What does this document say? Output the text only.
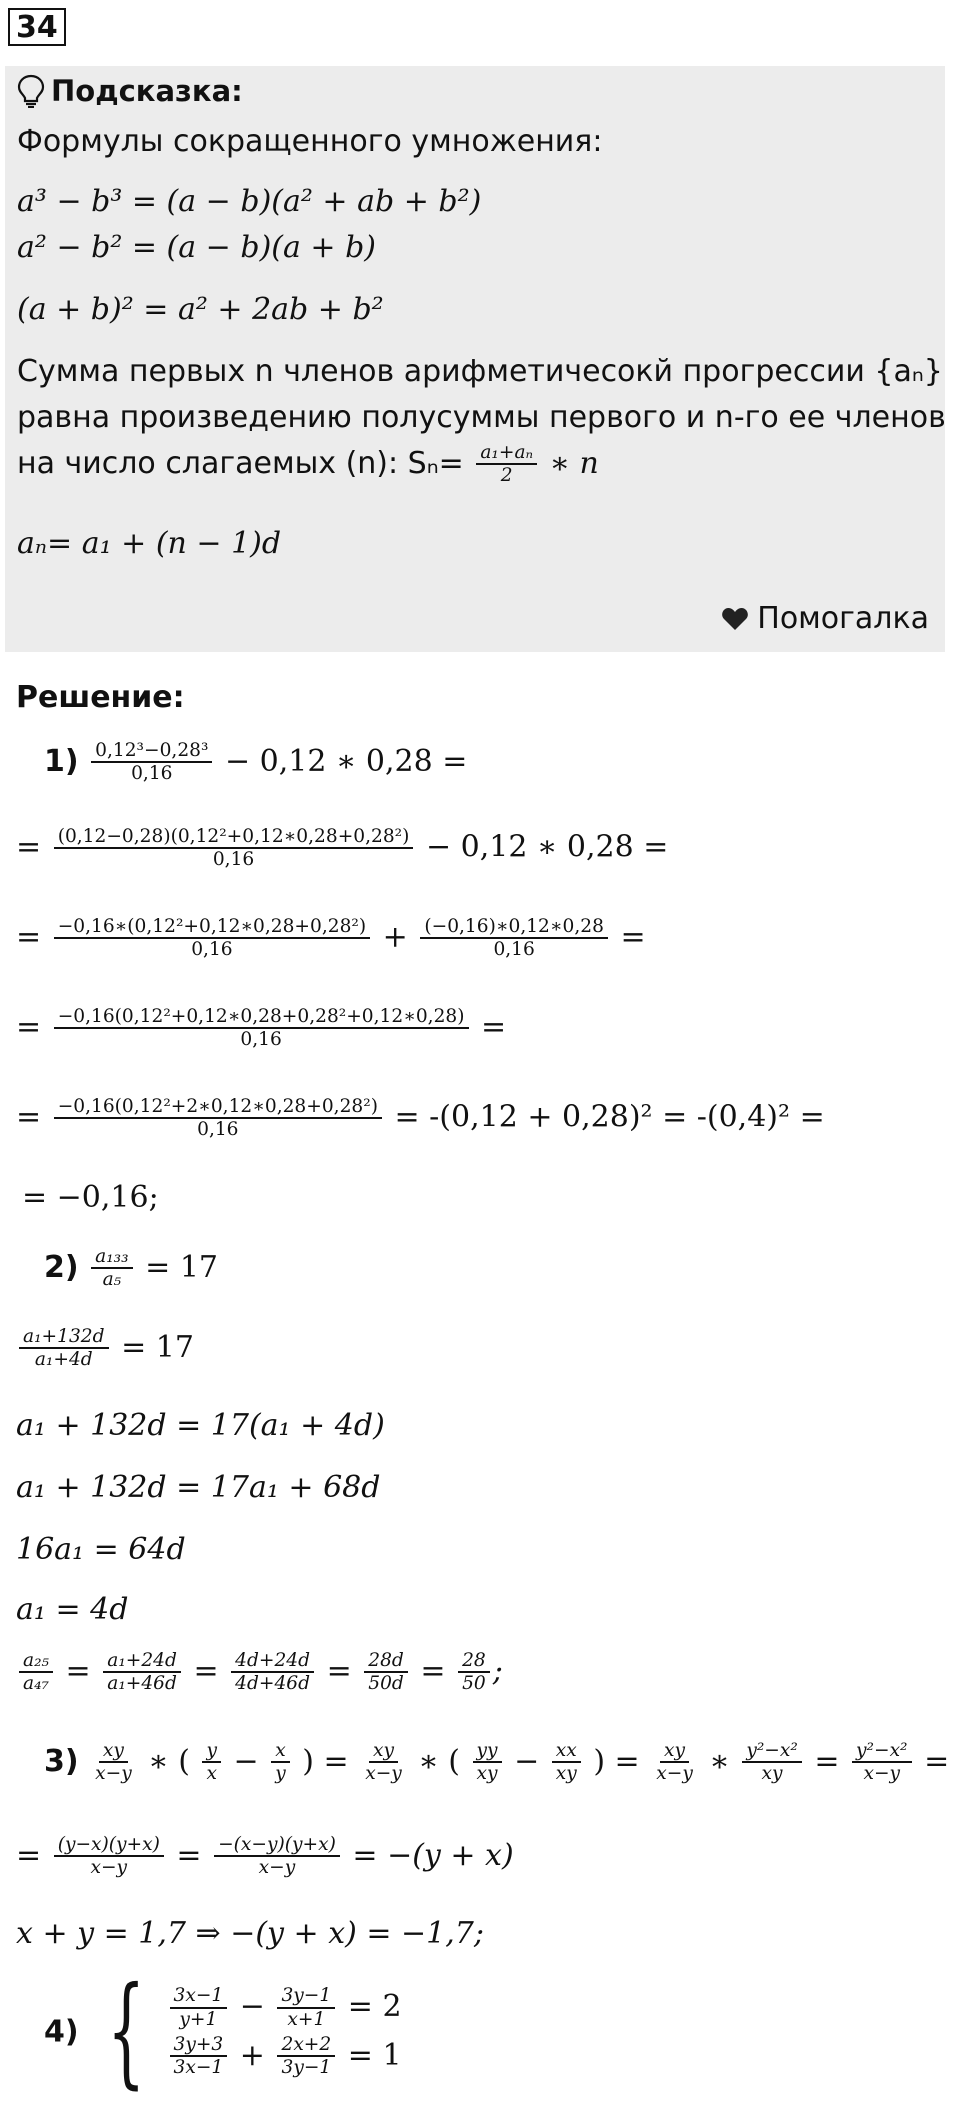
34
Подсказка:
Формулы сокращенного умножения:
a³ − b³ = (a − b)(a² + ab + b²)
a² − b² = (a − b)(a + b)
(a + b)² = a² + 2ab + b²
Сумма первых n членов арифметичесокй прогрессии {aₙ}
равна произведению полусуммы первого и n-го ее членов
на число слагаемых (n): $S_n= \frac{\text{a₁+aₙ}}{2}$ ∗ n
aₙ= a₁ + (n − 1)d
Помогалка
Решение:
$1) \frac{\text{0,12³−0,28³}}{0,16} - 0,12$ ∗ 0,28 =
= $\frac{\text{(0,12−0,28)(0,12²+0,12∗0,28+0,28²)}}{0,16} - 0,12$ ∗ 0,28 =
= $\frac{\text{−0,16∗(0,12²+0,12∗0,28+0,28²)}}{0,16} + \frac{(-0,16)∗0,12∗0,28}{0,16}$ =
= $\frac{\text{−0,16(0,12²+0,12∗0,28+0,28²+0,12∗0,28)}}{0,16}$ =
= $\frac{\text{−0,16(0,12²+2∗0,12∗0,28+0,28²)}}{0,16} = -(0,12 + 0,28)^2 = -(0,4)^2$ =
= −0,16;
$2) \frac{\text{a₁₃₃}}{\text{a₅}} = 17$
$\frac{\text{a₁+132d}}{\text{a₁+4d}} = 17$
a₁ + 132d = 17(a₁ + 4d)
a₁ + 132d = 17a₁ + 68d
16a₁ = 64d
a₁ = 4d
$\frac{\text{a₂₅}}{\text{a₄₇}} = \frac{\text{a₁+24d}}{\text{a₁+46d}} = \frac{4d+24d}{4d+46d} = \frac{28d}{50d} = \frac{28}{50}$ ;
$3) \frac{xy}{x-y}$ ∗ ( $\frac{y}{x} - \frac{x}{y}$ ) = $\frac{xy}{x-y}$ ∗ ( $\frac{yy}{xy} - \frac{xx}{xy}$ ) = $\frac{xy}{x-y}$ ∗ $\frac{\text{y²−x²}}{xy} = \frac{\text{y²−x²}}{x-y}$ =
= $\frac{(y-x)(y+x)}{x-y} = \frac{-(x-y)(y+x)}{x-y} = -(y + x)$
x + y = 1,7 ⇒ −(y + x) = −1,7;
4) { $\frac{3x-1}{y+1} - \frac{3y-1}{x+1} = 2$
$\frac{3y+3}{3x-1} + \frac{2x+2}{3y-1} = 1$
